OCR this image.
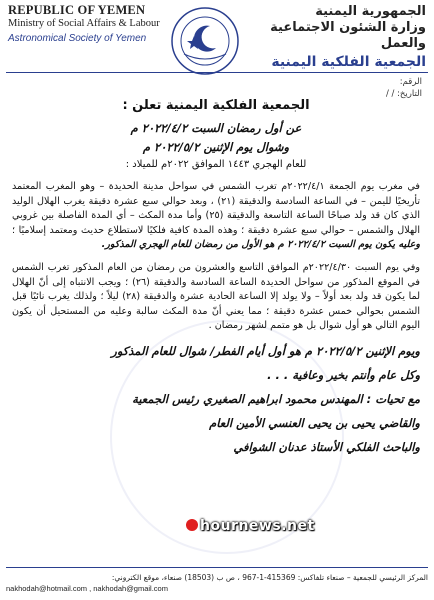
REPUBLIC OF YEMEN
Ministry of Social Affairs & Labour
Astronomical Society of Yemen
الجمهورية اليمنية
وزارة الشئون الاجتماعية والعمل
الجمعية الفلكية اليمنية
الرقم:
التاريخ: / /
الجمعية الفلكية اليمنية تعلن :
عن أول رمضان السبت ٢٠٢٢/٤/٢ م
وشوال يوم الإثنين ٢٠٢٢/٥/٢ م
للعام الهجري ١٤٤٣ الموافق ٢٠٢٢م للميلاد :

في مغرب يوم الجمعة ٢٠٢٢/٤/١م تغرب الشمس في سواحل مدينة الحديدة – وهو المغرب المعتمد تأريخيًا لليمن – في الساعة السادسة والدقيقة (٢١) ، وبعد حوالي سبع عشرة دقيقة يغرب الهلال الوليد الذي كان قد ولد صباحًا الساعة التاسعة والدقيقة (٢٥) وأما مدة المكث – أي المدة الفاصلة بين غروبي الهلال والشمس – حوالي سبع عشرة دقيقة ؛ وهذه المدة كافية فلكيًا لاستطلاع حديث ومعتمد إسلاميًا ؛ وعليه يكون يوم السبت ٢٠٢٢/٤/٢ م هو الأول من رمضان للعام الهجري المذكور.

وفي يوم السبت ٢٠٢٢/٤/٣٠م الموافق التاسع والعشرون من رمضان من العام المذكور تغرب الشمس في الموقع المذكور من سواحل الحديدة الساعة السادسة والدقيقة (٢٦) ؛ ويجب الانتباه إلى أنّ الهلال لما يكون قد ولد بعد أولاً – ولا يولد إلا الساعة الحادية عشرة والدقيقة (٢٨) ليلاً ؛ ولذلك يغرب نائيًا قبل الشمس بحوالي خمس عشرة دقيقة ؛ مما يعني أنّ مدة المكث سالبة وعليه من المستحيل أن يكون اليوم التالي هو أول شوال بل هو متمم لشهر رمضان .

ويوم الإثنين ٢٠٢٢/٥/٢ م هو أول أيام الفطر/ شوال للعام المذكور
وكل عام وأنتم بخير وعافية . . .
مع تحيات : المهندس محمود ابراهيم الصغيري رئيس الجمعية
والقاضي يحيى بن يحيى العنسي الأمين العام
والباحث الفلكي الأستاذ عدنان الشوافي
hournews.net
المركز الرئيسي للجمعية – صنعاء تلفاكس: 415369-1-967 ، ص ب (18503) صنعاء، موقع الكتروني:
nakhodah@hotmail.com , nakhodah@gmail.com
